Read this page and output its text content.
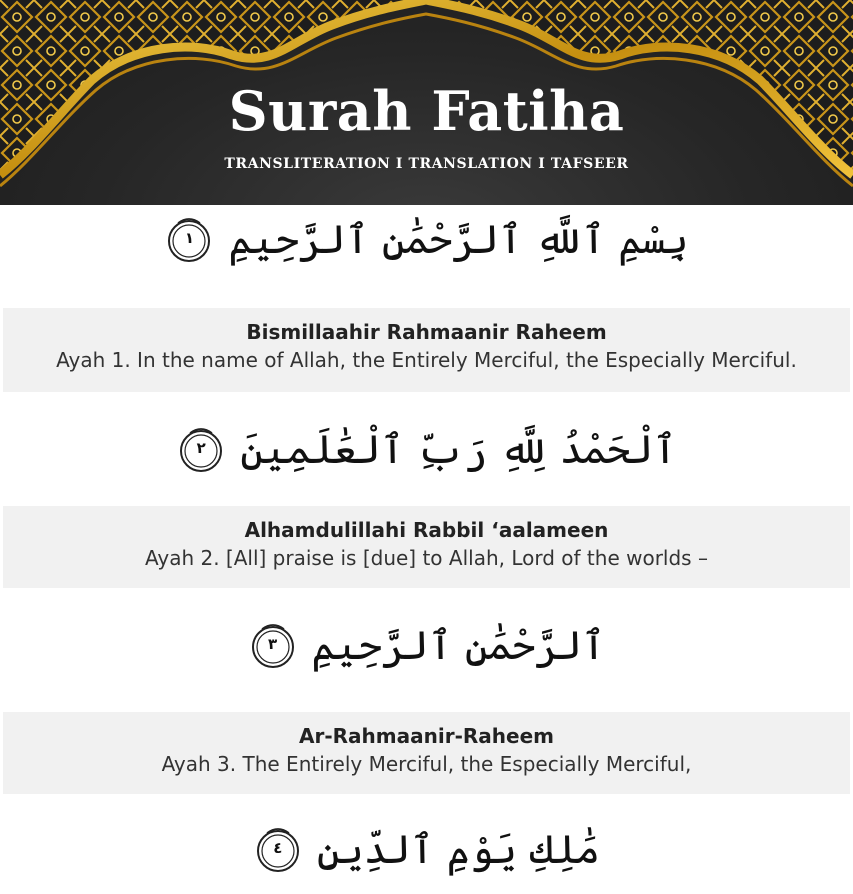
Surah Fatiha
TRANSLITERATION I TRANSLATION I TAFSEER
بِسْمِ ٱللَّهِ ٱلرَّحْمَٰنِ ٱلرَّحِيمِ
١
Bismillaahir Rahmaanir Raheem
Ayah 1. In the name of Allah, the Entirely Merciful, the Especially Merciful.
ٱلْحَمْدُ لِلَّهِ رَبِّ ٱلْعَٰلَمِينَ
٢
Alhamdulillahi Rabbil ‘aalameen
Ayah 2. [All] praise is [due] to Allah, Lord of the worlds –
ٱلرَّحْمَٰنِ ٱلرَّحِيمِ
٣
Ar-Rahmaanir-Raheem
Ayah 3. The Entirely Merciful, the Especially Merciful,
مَٰلِكِ يَوْمِ ٱلدِّينِ
٤
